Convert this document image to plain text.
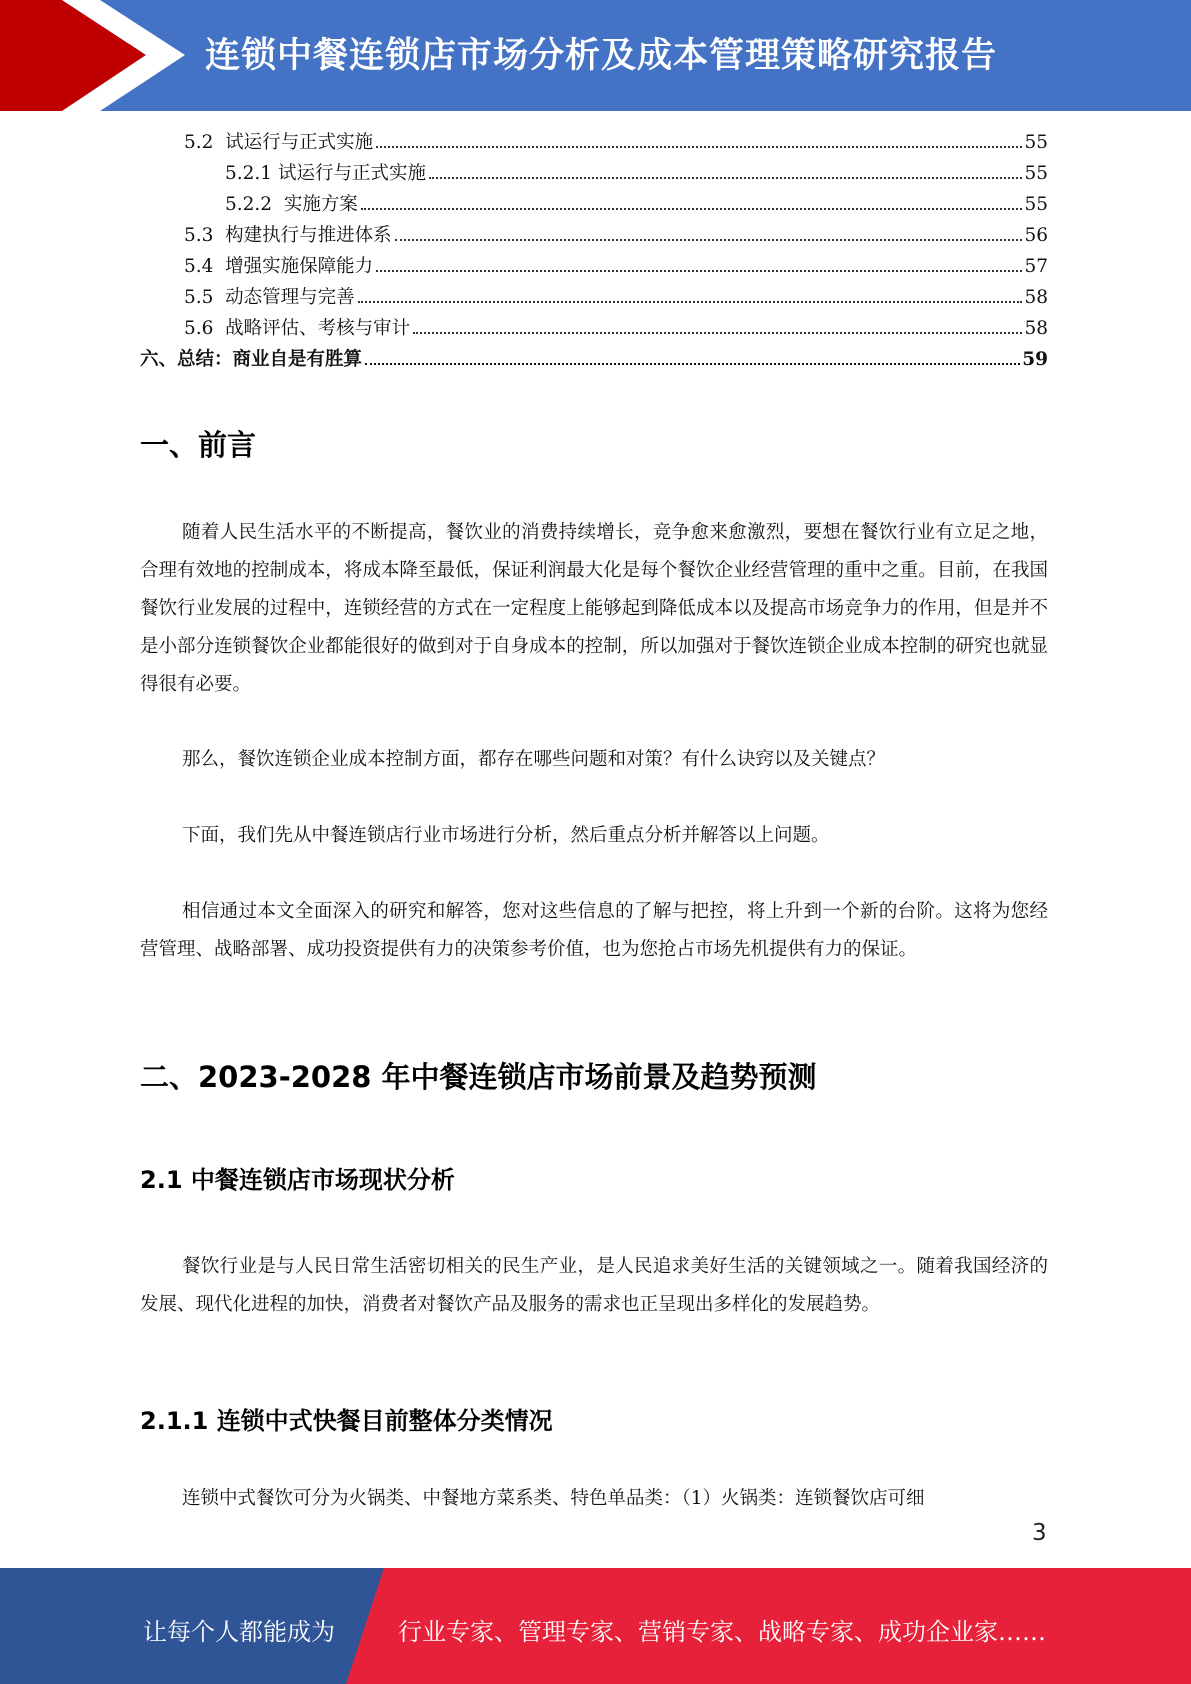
连锁中餐连锁店市场分析及成本管理策略研究报告
5.2  试运行与正式实施	55
5.2.1 试运行与正式实施	55
5.2.2  实施方案	55
5.3  构建执行与推进体系	56
5.4  增强实施保障能力	57
5.5  动态管理与完善	58
5.6  战略评估、考核与审计	58
六、总结：商业自是有胜算	59
一、前言

随着人民生活水平的不断提高，餐饮业的消费持续增长，竞争愈来愈激烈，要想在餐饮行业有立足之地，合理有效地的控制成本，将成本降至最低，保证利润最大化是每个餐饮企业经营管理的重中之重。目前，在我国餐饮行业发展的过程中，连锁经营的方式在一定程度上能够起到降低成本以及提高市场竞争力的作用，但是并不是小部分连锁餐饮企业都能很好的做到对于自身成本的控制，所以加强对于餐饮连锁企业成本控制的研究也就显得很有必要。

那么，餐饮连锁企业成本控制方面，都存在哪些问题和对策？有什么诀窍以及关键点？

下面，我们先从中餐连锁店行业市场进行分析，然后重点分析并解答以上问题。

相信通过本文全面深入的研究和解答，您对这些信息的了解与把控，将上升到一个新的台阶。这将为您经营管理、战略部署、成功投资提供有力的决策参考价值，也为您抢占市场先机提供有力的保证。

二、2023-2028 年中餐连锁店市场前景及趋势预测
2.1 中餐连锁店市场现状分析

餐饮行业是与人民日常生活密切相关的民生产业，是人民追求美好生活的关键领域之一。随着我国经济的发展、现代化进程的加快，消费者对餐饮产品及服务的需求也正呈现出多样化的发展趋势。

2.1.1 连锁中式快餐目前整体分类情况

连锁中式餐饮可分为火锅类、中餐地方菜系类、特色单品类：（1）火锅类：连锁餐饮店可细

3
让每个人都能成为	行业专家、管理专家、营销专家、战略专家、成功企业家……
